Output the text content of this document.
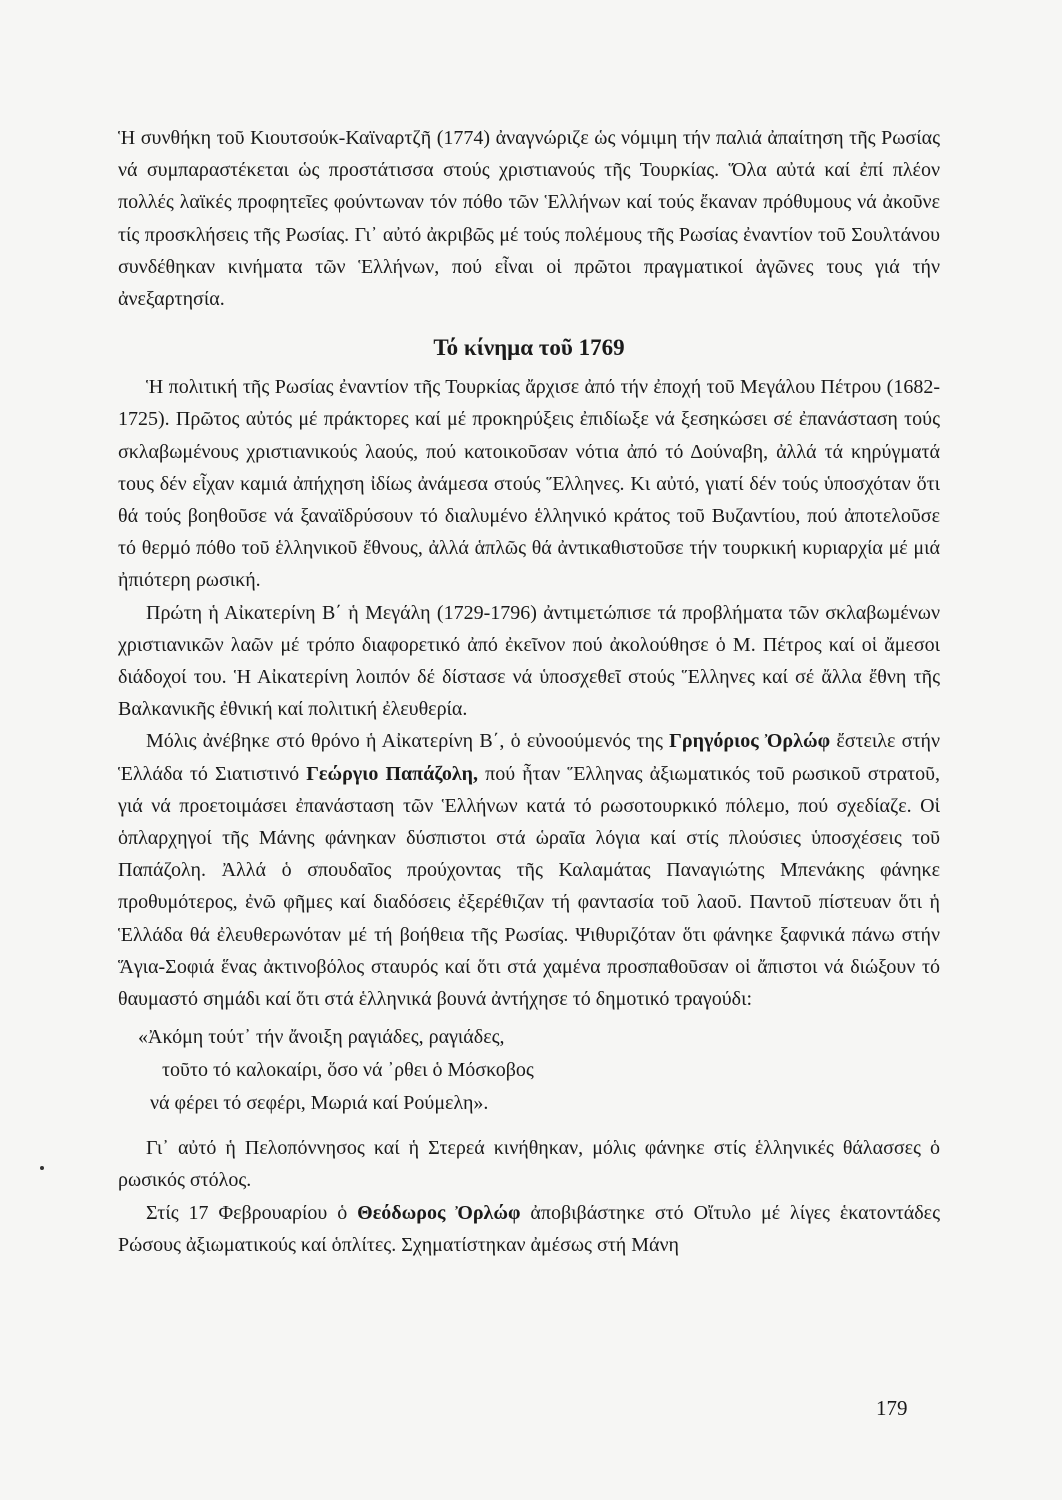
Ἡ συνθήκη τοῦ Κιουτσούκ-Καϊναρτζῆ (1774) ἀναγνώριζε ὡς νόμιμη τήν παλιά ἀπαίτηση τῆς Ρωσίας νά συμπαραστέκεται ὡς προστάτισσα στούς χριστιανούς τῆς Τουρκίας. Ὅλα αὐτά καί ἐπί πλέον πολλές λαϊκές προφητεῖες φούντωναν τόν πόθο τῶν Ἑλλήνων καί τούς ἔκαναν πρόθυμους νά ἀκοῦνε τίς προσκλήσεις τῆς Ρωσίας. Γι᾽ αὐτό ἀκριβῶς μέ τούς πολέμους τῆς Ρωσίας ἐναντίον τοῦ Σουλτάνου συνδέθηκαν κινήματα τῶν Ἑλλήνων, πού εἶναι οἱ πρῶτοι πραγματικοί ἀγῶνες τους γιά τήν ἀνεξαρτησία.

Τό κίνημα τοῦ 1769

Ἡ πολιτική τῆς Ρωσίας ἐναντίον τῆς Τουρκίας ἄρχισε ἀπό τήν ἐποχή τοῦ Μεγάλου Πέτρου (1682-1725). Πρῶτος αὐτός μέ πράκτορες καί μέ προκηρύξεις ἐπιδίωξε νά ξεσηκώσει σέ ἐπανάσταση τούς σκλαβωμένους χριστιανικούς λαούς, πού κατοικοῦσαν νότια ἀπό τό Δούναβη, ἀλλά τά κηρύγματά τους δέν εἶχαν καμιά ἀπήχηση ἰδίως ἀνάμεσα στούς Ἕλληνες. Κι αὐτό, γιατί δέν τούς ὑποσχόταν ὅτι θά τούς βοηθοῦσε νά ξαναϊδρύσουν τό διαλυμένο ἑλληνικό κράτος τοῦ Βυζαντίου, πού ἀποτελοῦσε τό θερμό πόθο τοῦ ἑλληνικοῦ ἔθνους, ἀλλά ἁπλῶς θά ἀντικαθιστοῦσε τήν τουρκική κυριαρχία μέ μιά ἠπιότερη ρωσική.

Πρώτη ἡ Αἰκατερίνη Β΄ ἡ Μεγάλη (1729-1796) ἀντιμετώπισε τά προβλήματα τῶν σκλαβωμένων χριστιανικῶν λαῶν μέ τρόπο διαφορετικό ἀπό ἐκεῖνον πού ἀκολούθησε ὁ Μ. Πέτρος καί οἱ ἄμεσοι διάδοχοί του. Ἡ Αἰκατερίνη λοιπόν δέ δίστασε νά ὑποσχεθεῖ στούς Ἕλληνες καί σέ ἄλλα ἔθνη τῆς Βαλκανικῆς ἐθνική καί πολιτική ἐλευθερία.

Μόλις ἀνέβηκε στό θρόνο ἡ Αἰκατερίνη Β΄, ὁ εὐνοούμενός της Γρηγόριος Ὀρλώφ ἔστειλε στήν Ἑλλάδα τό Σιατιστινό Γεώργιο Παπάζολη, πού ἦταν Ἕλληνας ἀξιωματικός τοῦ ρωσικοῦ στρατοῦ, γιά νά προετοιμάσει ἐπανάσταση τῶν Ἑλλήνων κατά τό ρωσοτουρκικό πόλεμο, πού σχεδίαζε. Οἱ ὁπλαρχηγοί τῆς Μάνης φάνηκαν δύσπιστοι στά ὡραῖα λόγια καί στίς πλούσιες ὑποσχέσεις τοῦ Παπάζολη. Ἀλλά ὁ σπουδαῖος προύχοντας τῆς Καλαμάτας Παναγιώτης Μπενάκης φάνηκε προθυμότερος, ἐνῶ φῆμες καί διαδόσεις ἐξερέθιζαν τή φαντασία τοῦ λαοῦ. Παντοῦ πίστευαν ὅτι ἡ Ἑλλάδα θά ἐλευθερωνόταν μέ τή βοήθεια τῆς Ρωσίας. Ψιθυριζόταν ὅτι φάνηκε ξαφνικά πάνω στήν Ἅγια-Σοφιά ἕνας ἀκτινοβόλος σταυρός καί ὅτι στά χαμένα προσπαθοῦσαν οἱ ἄπιστοι νά διώξουν τό θαυμαστό σημάδι καί ὅτι στά ἑλληνικά βουνά ἀντήχησε τό δημοτικό τραγούδι:

«Ἀκόμη τούτ᾽ τήν ἄνοιξη ραγιάδες, ραγιάδες,
τοῦτο τό καλοκαίρι, ὅσο νά ᾽ρθει ὁ Μόσκοβος
νά φέρει τό σεφέρι, Μωριά καί Ρούμελη».

Γι᾽ αὐτό ἡ Πελοπόννησος καί ἡ Στερεά κινήθηκαν, μόλις φάνηκε στίς ἑλληνικές θάλασσες ὁ ρωσικός στόλος.

Στίς 17 Φεβρουαρίου ὁ Θεόδωρος Ὀρλώφ ἀποβιβάστηκε στό Οἴτυλο μέ λίγες ἑκατοντάδες Ρώσους ἀξιωματικούς καί ὁπλίτες. Σχηματίστηκαν ἀμέσως στή Μάνη

179
